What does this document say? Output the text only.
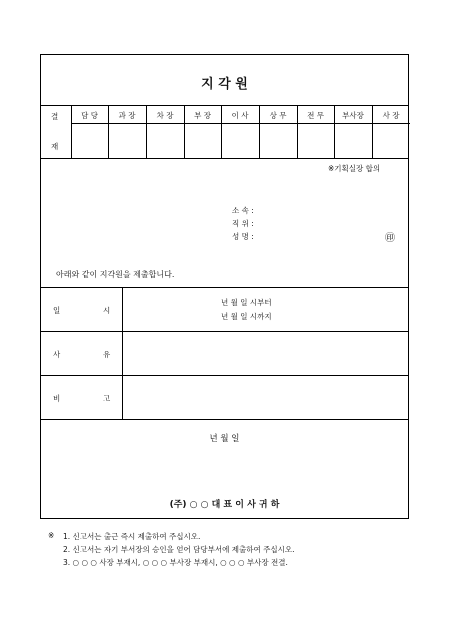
지 각 원
결
재
담 당	과 장	차 장	부 장	이 사	상 무	전 무	부사장	사 장
※기획실장 합의
소 속 :
직 위 :
성 명 :	㊞
아래와 같이 지각원을 제출합니다.
일	시
년 월 일 시부터
년 월 일 시까지
사	유
비	고
년 월 일
(주) ○ ○ 대 표 이 사 귀 하
※ 1. 신고서는 출근 즉시 제출하여 주십시오.
2. 신고서는 자기 부서장의 승인을 얻어 담당부서에 제출하여 주십시오.
3. ○ ○ ○ 사장 부재시, ○ ○ ○ 부사장 부재시, ○ ○ ○ 부사장 전결.
